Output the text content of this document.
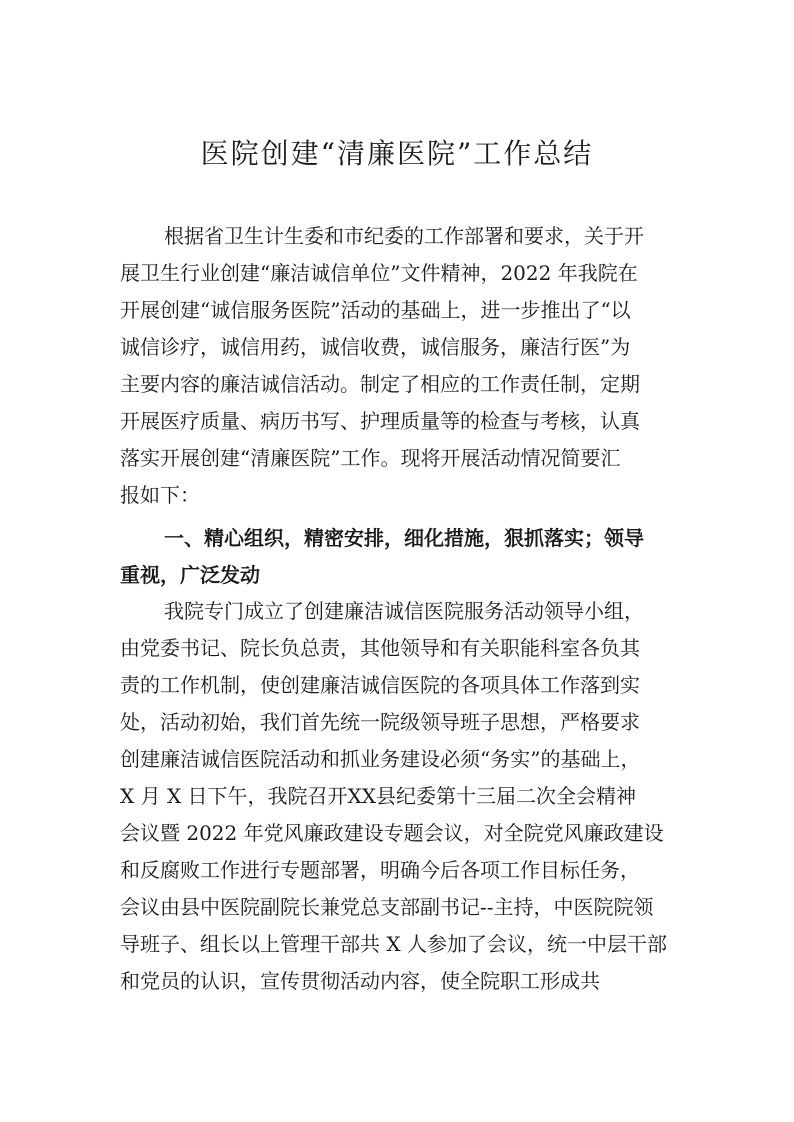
医院创建“清廉医院”工作总结
根据省卫生计生委和市纪委的工作部署和要求，关于开
展卫生行业创建“廉洁诚信单位”文件精神，2022 年我院在
开展创建“诚信服务医院”活动的基础上，进一步推出了“以
诚信诊疗，诚信用药，诚信收费，诚信服务，廉洁行医”为
主要内容的廉洁诚信活动。制定了相应的工作责任制，定期
开展医疗质量、病历书写、护理质量等的检查与考核，认真
落实开展创建“清廉医院”工作。现将开展活动情况简要汇
报如下：
一、精心组织，精密安排，细化措施，狠抓落实；领导
重视，广泛发动
我院专门成立了创建廉洁诚信医院服务活动领导小组，
由党委书记、院长负总责，其他领导和有关职能科室各负其
责的工作机制，使创建廉洁诚信医院的各项具体工作落到实
处，活动初始，我们首先统一院级领导班子思想，严格要求
创建廉洁诚信医院活动和抓业务建设必须“务实”的基础上，
X 月 X 日下午，我院召开XX县纪委第十三届二次全会精神
会议暨 2022 年党风廉政建设专题会议，对全院党风廉政建设
和反腐败工作进行专题部署，明确今后各项工作目标任务，
会议由县中医院副院长兼党总支部副书记--主持，中医院院领
导班子、组长以上管理干部共 X 人参加了会议，统一中层干部
和党员的认识，宣传贯彻活动内容，使全院职工形成共
